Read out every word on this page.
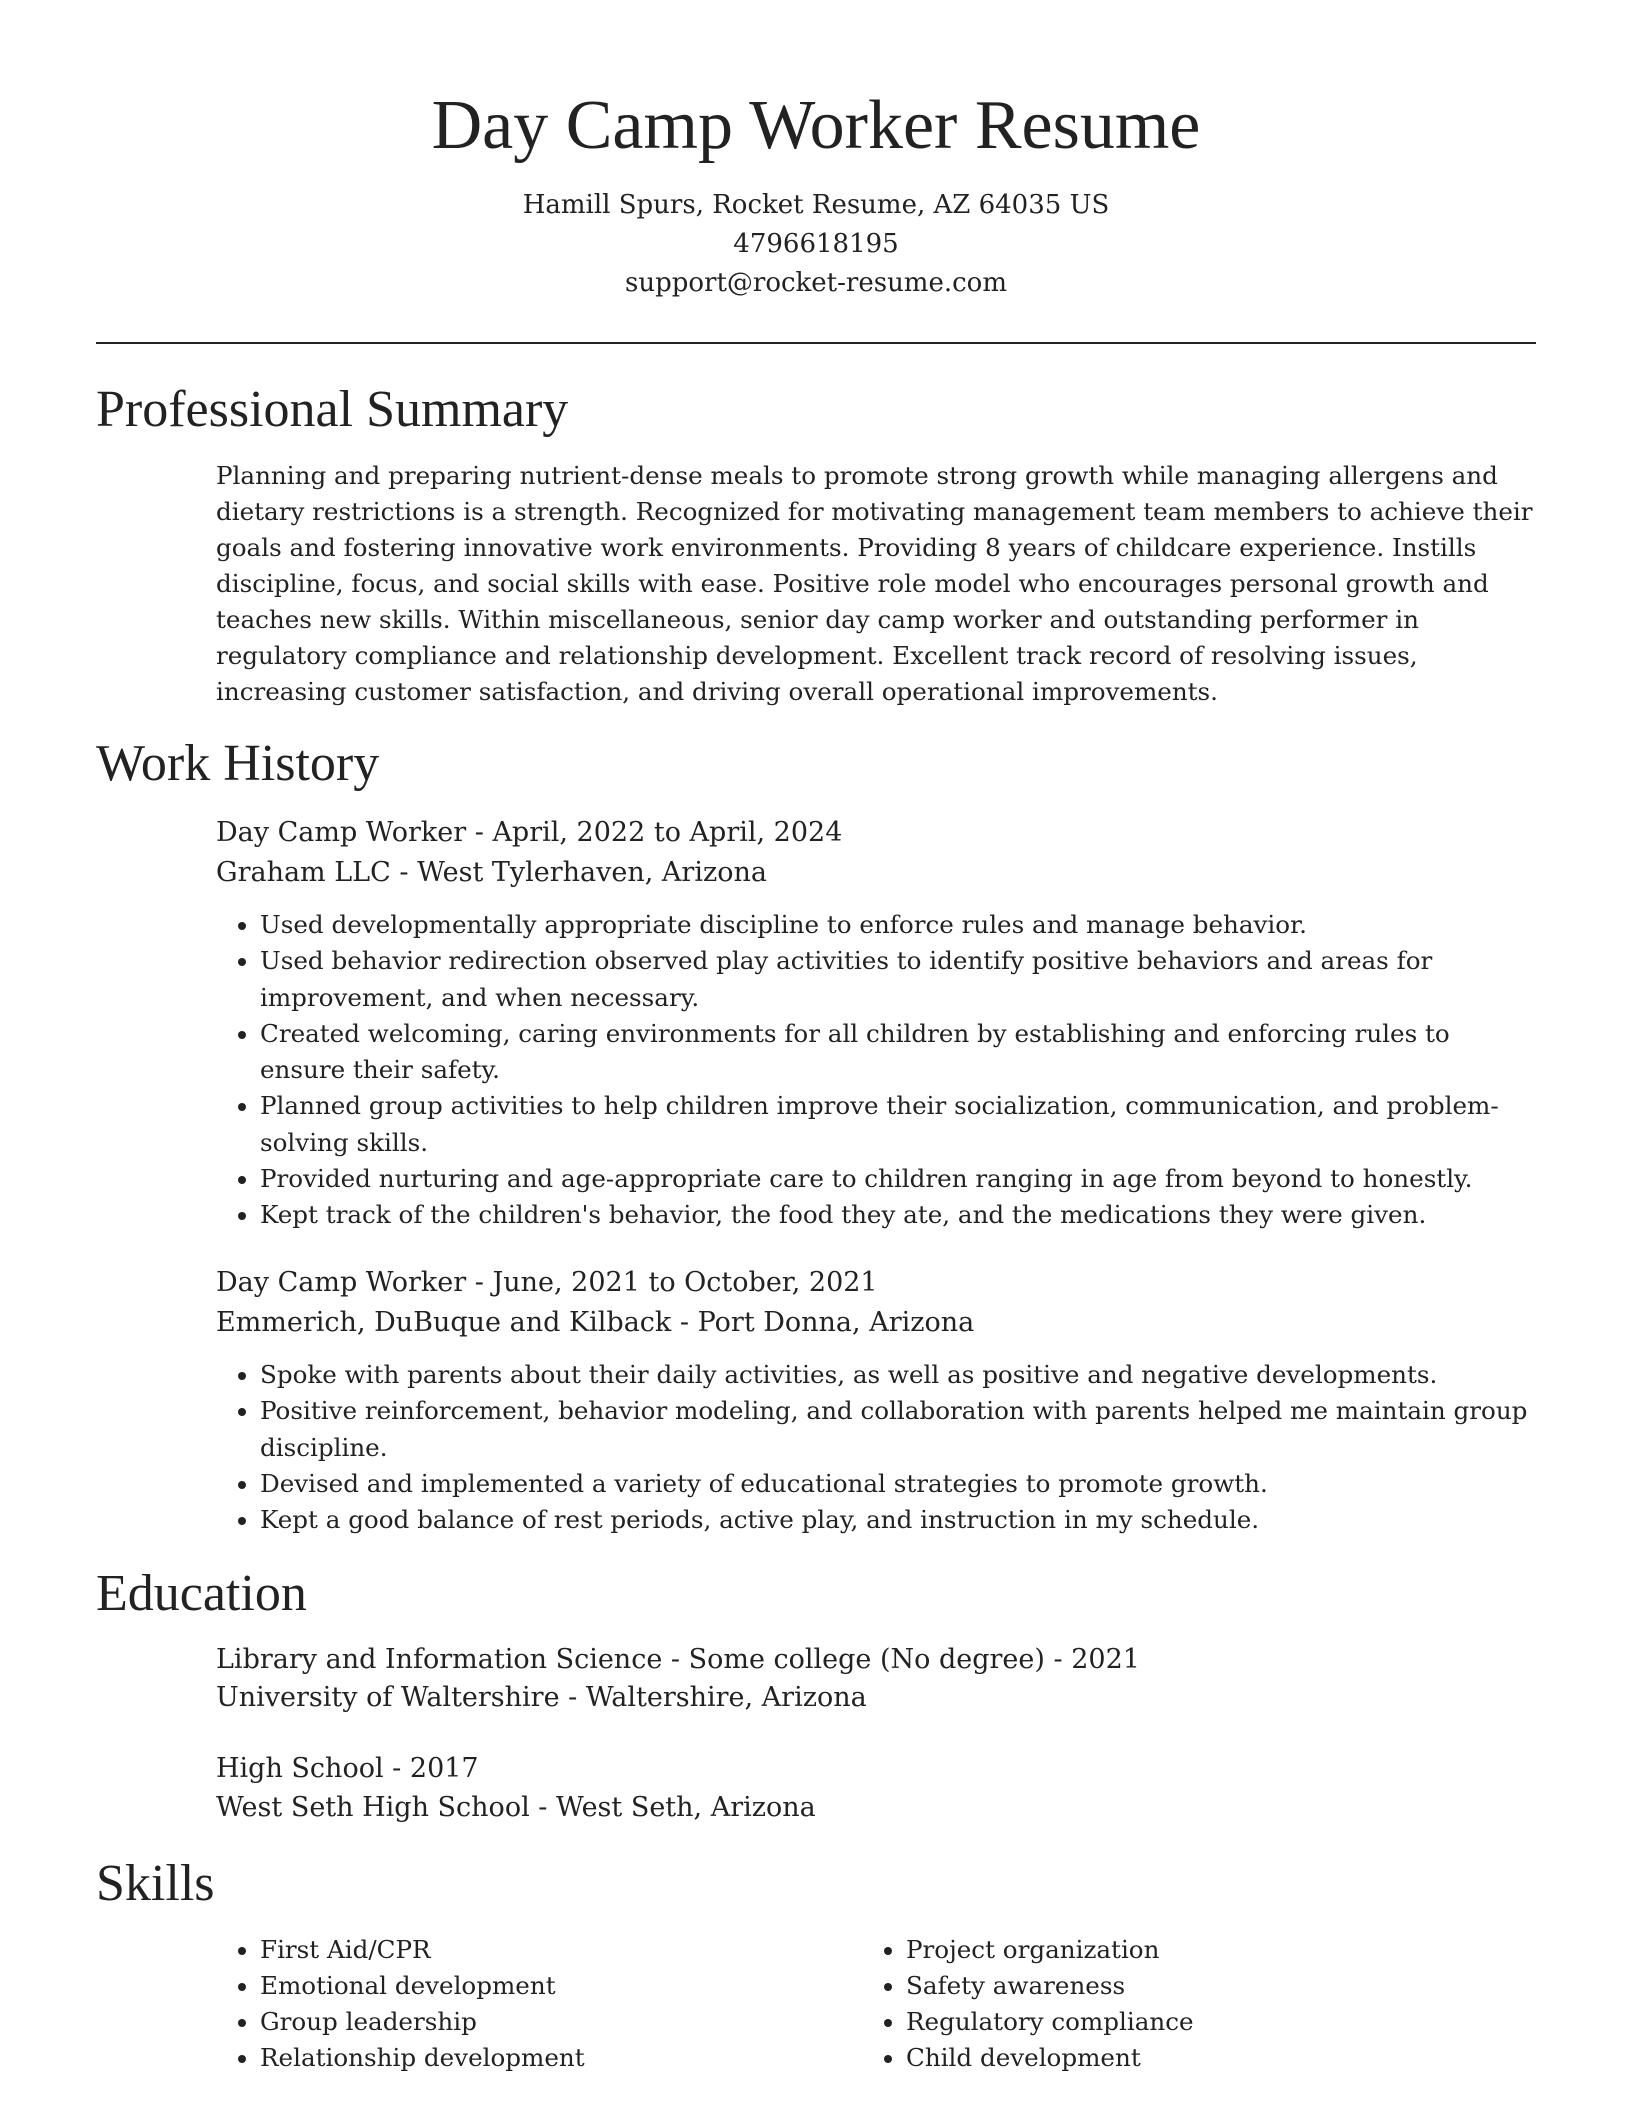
Day Camp Worker Resume
Hamill Spurs, Rocket Resume, AZ 64035 US
4796618195
support@rocket-resume.com
Professional Summary
Planning and preparing nutrient-dense meals to promote strong growth while managing allergens and dietary restrictions is a strength. Recognized for motivating management team members to achieve their goals and fostering innovative work environments. Providing 8 years of childcare experience. Instills discipline, focus, and social skills with ease. Positive role model who encourages personal growth and teaches new skills. Within miscellaneous, senior day camp worker and outstanding performer in regulatory compliance and relationship development. Excellent track record of resolving issues, increasing customer satisfaction, and driving overall operational improvements.
Work History
Day Camp Worker - April, 2022 to April, 2024
Graham LLC - West Tylerhaven, Arizona
• Used developmentally appropriate discipline to enforce rules and manage behavior.
• Used behavior redirection observed play activities to identify positive behaviors and areas for improvement, and when necessary.
• Created welcoming, caring environments for all children by establishing and enforcing rules to ensure their safety.
• Planned group activities to help children improve their socialization, communication, and problem-solving skills.
• Provided nurturing and age-appropriate care to children ranging in age from beyond to honestly.
• Kept track of the children's behavior, the food they ate, and the medications they were given.
Day Camp Worker - June, 2021 to October, 2021
Emmerich, DuBuque and Kilback - Port Donna, Arizona
• Spoke with parents about their daily activities, as well as positive and negative developments.
• Positive reinforcement, behavior modeling, and collaboration with parents helped me maintain group discipline.
• Devised and implemented a variety of educational strategies to promote growth.
• Kept a good balance of rest periods, active play, and instruction in my schedule.
Education
Library and Information Science - Some college (No degree) - 2021
University of Waltershire - Waltershire, Arizona
High School - 2017
West Seth High School - West Seth, Arizona
Skills
• First Aid/CPR
• Emotional development
• Group leadership
• Relationship development
• Project organization
• Safety awareness
• Regulatory compliance
• Child development
